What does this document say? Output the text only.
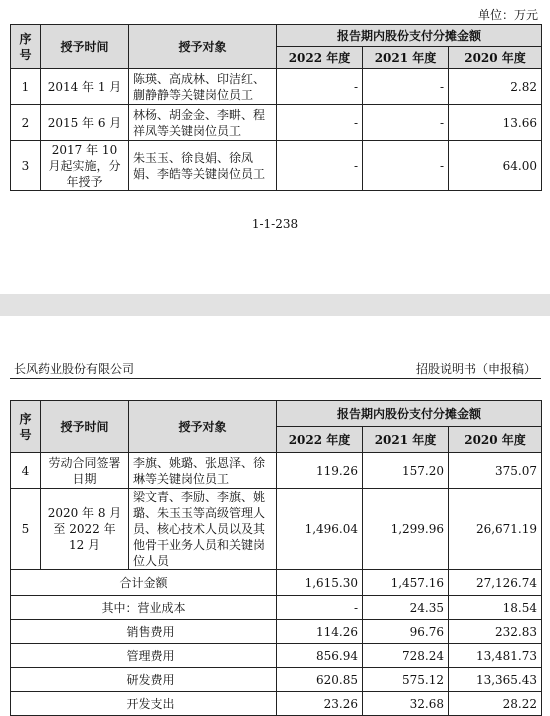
单位：万元
序号	授予时间	授予对象	报告期内股份支付分摊金额		
			2022 年度	2021 年度	2020 年度
1	2014 年 1 月	陈瑛、高成林、印洁红、蒯静静等关键岗位员工	-	-	2.82
2	2015 年 6 月	林杨、胡金金、李畊、程祥凤等关键岗位员工	-	-	13.66
3	2017 年 10 月起实施，分年授予	朱玉玉、徐良娟、徐凤娟、李皓等关键岗位员工	-	-	64.00
1-1-238
长风药业股份有限公司	招股说明书（申报稿）
序号	授予时间	授予对象	报告期内股份支付分摊金额		
			2022 年度	2021 年度	2020 年度
4	劳动合同签署日期	李旗、姚璐、张恩泽、徐琳等关键岗位员工	119.26	157.20	375.07
5	2020 年 8 月至 2022 年 12 月	梁文青、李励、李旗、姚璐、朱玉玉等高级管理人员、核心技术人员以及其他骨干业务人员和关键岗位人员	1,496.04	1,299.96	26,671.19
合计金额			1,615.30	1,457.16	27,126.74
其中：营业成本			-	24.35	18.54
销售费用			114.26	96.76	232.83
管理费用			856.94	728.24	13,481.73
研发费用			620.85	575.12	13,365.43
开发支出			23.26	32.68	28.22
